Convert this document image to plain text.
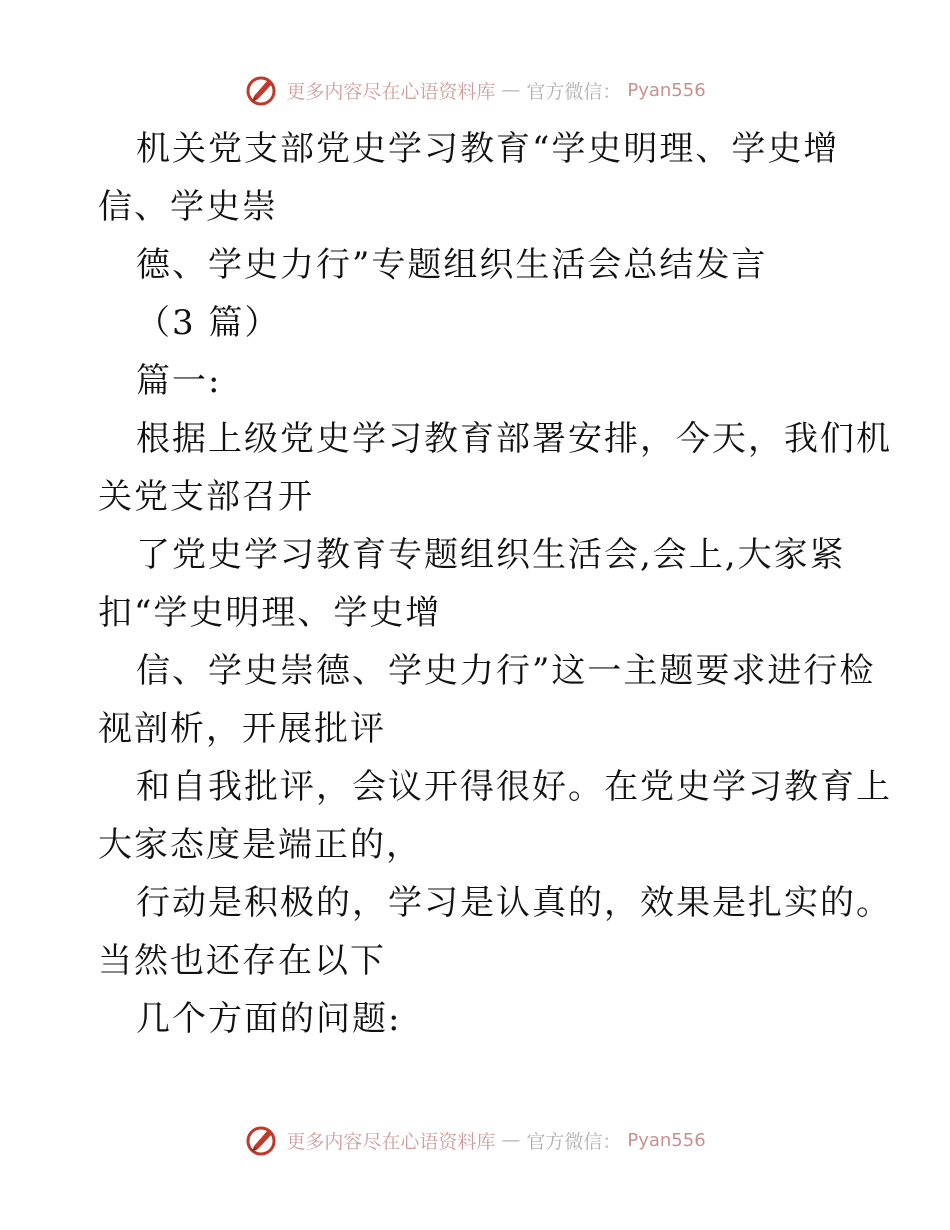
更多内容尽在心语资料库 — 官方微信： Pyan556
机关党支部党史学习教育“学史明理、学史增
信、学史崇
德、学史力行”专题组织生活会总结发言
（3 篇）
篇一:
根据上级党史学习教育部署安排，今天，我们机
关党支部召开
了党史学习教育专题组织生活会,会上,大家紧
扣“学史明理、学史增
信、学史崇德、学史力行”这一主题要求进行检
视剖析，开展批评
和自我批评，会议开得很好。在党史学习教育上
大家态度是端正的，
行动是积极的，学习是认真的，效果是扎实的。
当然也还存在以下
几个方面的问题:
更多内容尽在心语资料库 — 官方微信： Pyan556
